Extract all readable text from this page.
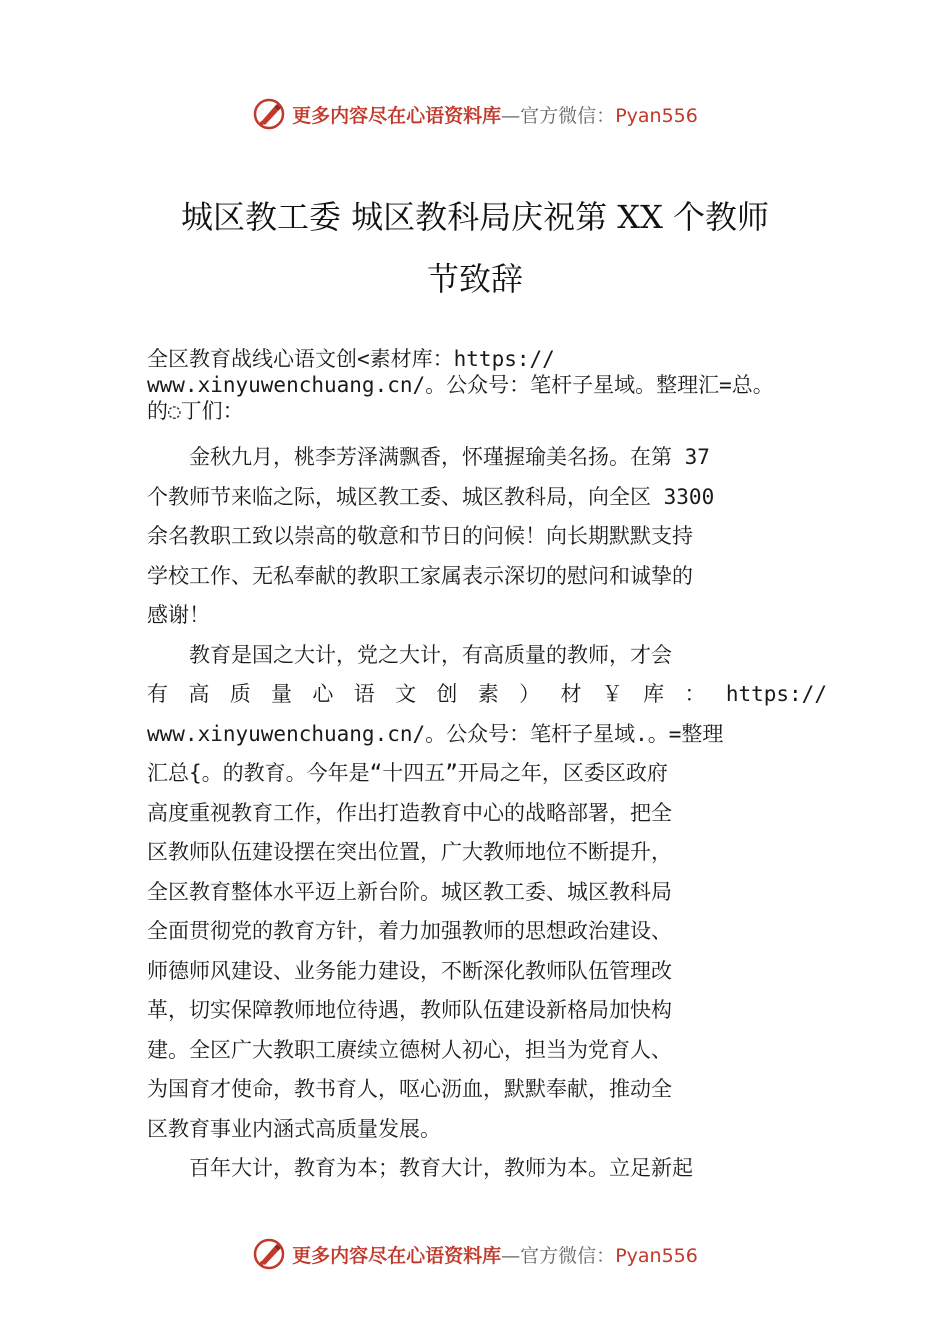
更多内容尽在心语资料库—官方微信：Pyan556
城区教工委 城区教科局庆祝第 XX 个教师
节致辞
全区教育战线心语文创<素材库：https://
www.xinyuwenchuang.cn/。公众号：笔杆子星域。整理汇=总。
的◌丁们：
金秋九月，桃李芳泽满飘香，怀瑾握瑜美名扬。在第 37
个教师节来临之际，城区教工委、城区教科局，向全区 3300
余名教职工致以崇高的敬意和节日的问候！向长期默默支持
学校工作、无私奉献的教职工家属表示深切的慰问和诚挚的
感谢！
教育是国之大计，党之大计，有高质量的教师，才会
有 高 质 量 心 语 文 创 素 ） 材 ￥ 库 ： https://
www.xinyuwenchuang.cn/。公众号：笔杆子星域.。=整理
汇总{。的教育。今年是“十四五”开局之年，区委区政府
高度重视教育工作，作出打造教育中心的战略部署，把全
区教师队伍建设摆在突出位置，广大教师地位不断提升，
全区教育整体水平迈上新台阶。城区教工委、城区教科局
全面贯彻党的教育方针，着力加强教师的思想政治建设、
师德师风建设、业务能力建设，不断深化教师队伍管理改
革，切实保障教师地位待遇，教师队伍建设新格局加快构
建。全区广大教职工赓续立德树人初心，担当为党育人、
为国育才使命，教书育人，呕心沥血，默默奉献，推动全
区教育事业内涵式高质量发展。
百年大计，教育为本；教育大计，教师为本。立足新起
更多内容尽在心语资料库—官方微信：Pyan556
